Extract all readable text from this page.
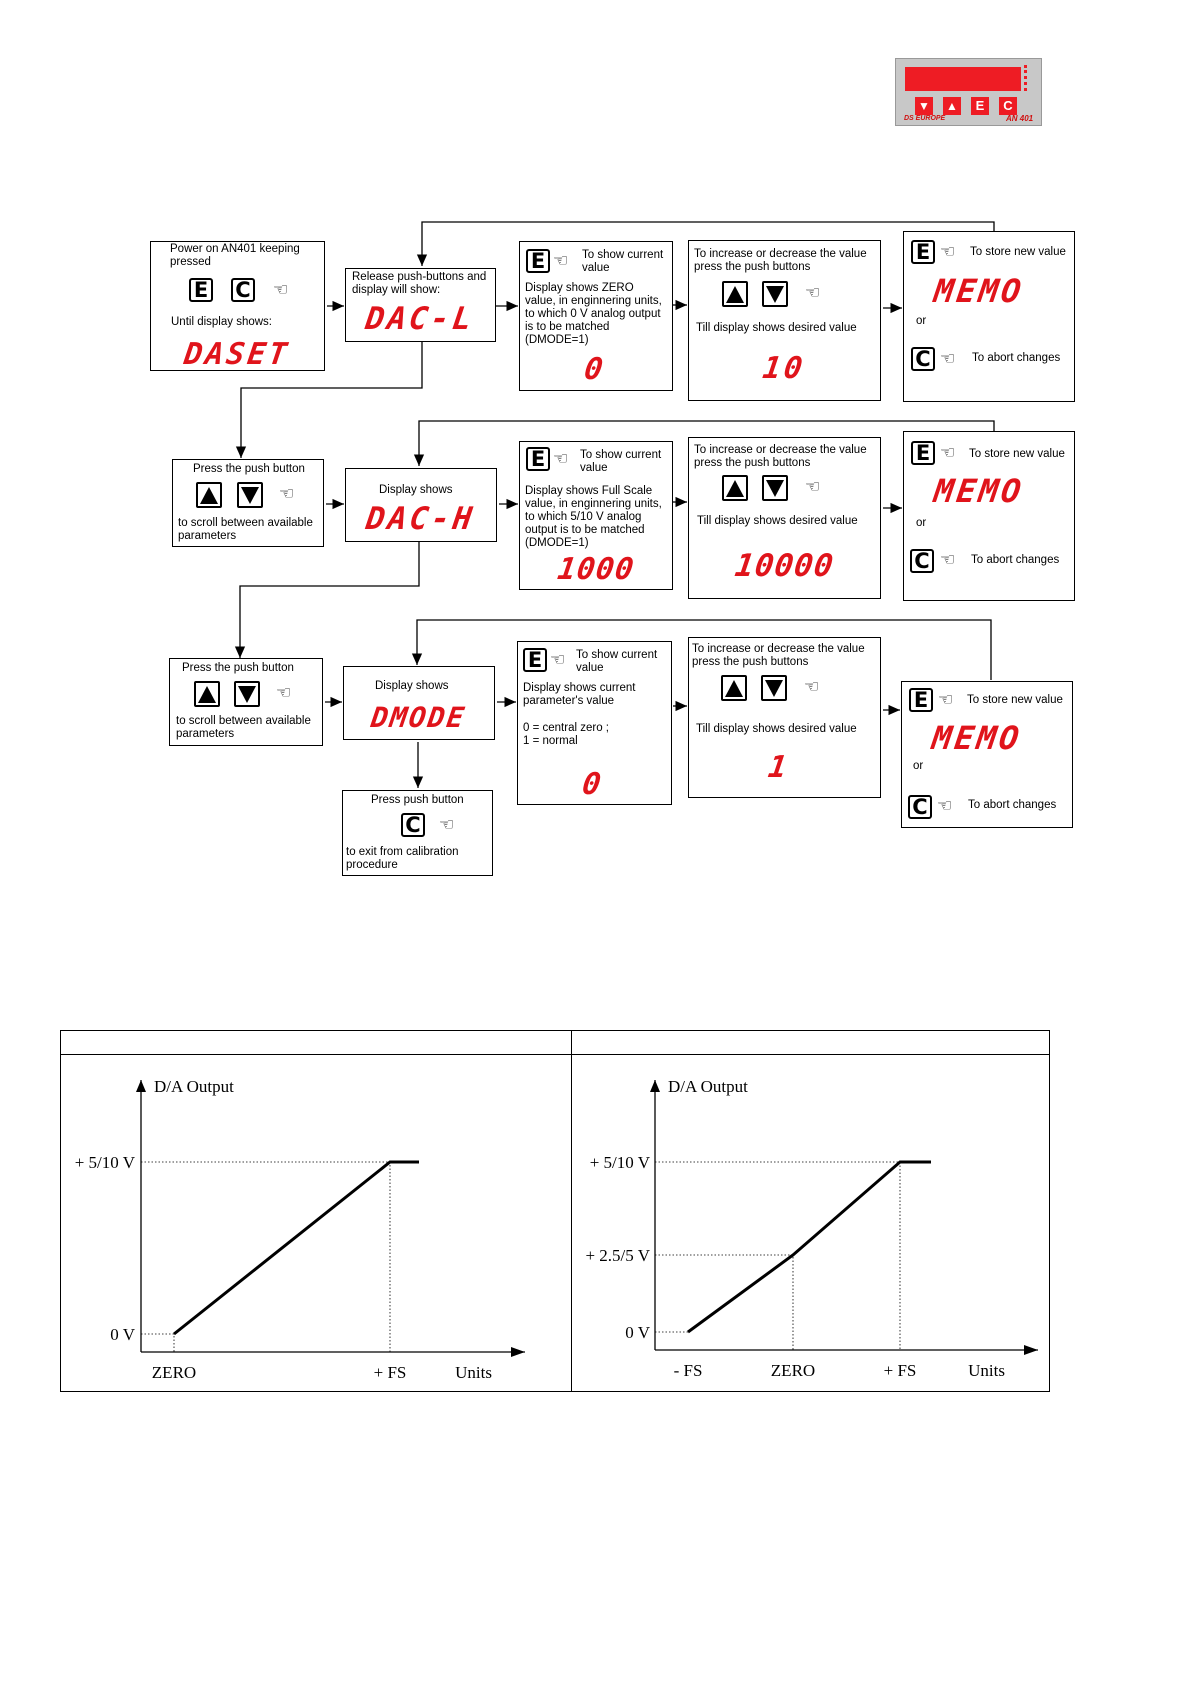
▼ ▲	E	C
DS EUROPE	AN 401
Power on AN401 keeping
pressed
E C ☜
Until display shows:
DASET
Release push-buttons and
display will show:
DAC-L
E ☜ To show current
value
Display shows ZERO
value, in enginnering units,
to which 0 V analog output
is to be matched
(DMODE=1)
0
To increase or decrease the value
press the push buttons
☜
Till display shows desired value
10
E ☜ To store new value
MEMO
or
C ☜ To abort changes
Press the push button
☜
to scroll between available
parameters
Display shows
DAC-H
E ☜ To show current
value
Display shows Full Scale
value, in enginnering units,
to which 5/10 V analog
output is to be matched
(DMODE=1)
1000
To increase or decrease the value
press the push buttons
☜
Till display shows desired value
10000
E ☜ To store new value
MEMO
or
C ☜ To abort changes
Press the push button
☜
to scroll between available
parameters
Display shows
DMODE
E ☜ To show current
value
Display shows current
parameter's value
0 = central zero ;
1 = normal
0
To increase or decrease the value
press the push buttons
☜
Till display shows desired value
1
E ☜ To store new value
MEMO
or
C ☜ To abort changes
Press push button
C ☜
to exit from calibration
procedure
D/A Output
Units
0 V
+ 5/10 V
ZERO	+ FS
D/A Output
Units
0 V
+ 2.5/5 V
+ 5/10 V
- FS	ZERO	+ FS
